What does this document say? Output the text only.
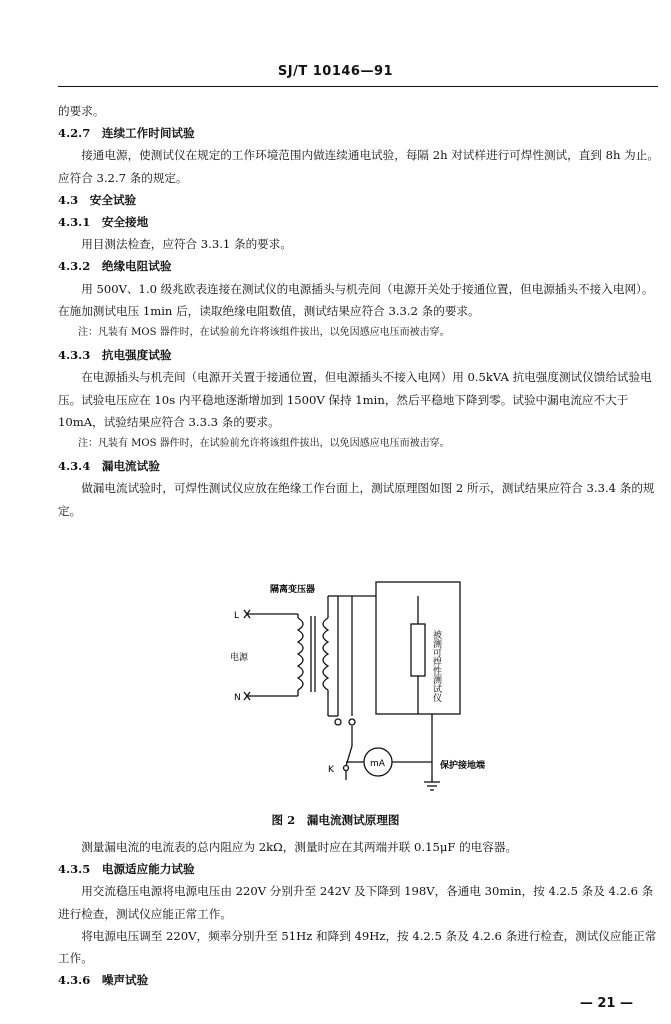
SJ/T 10146—91

的要求。

4.2.7　连续工作时间试验

接通电源，使测试仪在规定的工作环境范围内做连续通电试验，每隔 2h 对试样进行可焊性测试，直到 8h 为止。应符合 3.2.7 条的规定。

4.3　安全试验

4.3.1　安全接地

用目测法检查，应符合 3.3.1 条的要求。

4.3.2　绝缘电阻试验

用 500V、1.0 级兆欧表连接在测试仪的电源插头与机壳间（电源开关处于接通位置，但电源插头不接入电网）。在施加测试电压 1min 后，读取绝缘电阻数值，测试结果应符合 3.3.2 条的要求。

注：凡装有 MOS 器件时，在试验前允许将该组件拔出，以免因感应电压而被击穿。

4.3.3　抗电强度试验

在电源插头与机壳间（电源开关置于接通位置，但电源插头不接入电网）用 0.5kVA 抗电强度测试仪馈给试验电压。试验电压应在 10s 内平稳地逐渐增加到 1500V 保持 1min，然后平稳地下降到零。试验中漏电流应不大于 10mA，试验结果应符合 3.3.3 条的要求。

注：凡装有 MOS 器件时，在试验前允许将该组件拔出，以免因感应电压而被击穿。

4.3.4　漏电流试验

做漏电流试验时，可焊性测试仪应放在绝缘工作台面上，测试原理图如图 2 所示，测试结果应符合 3.3.4 条的规定。

隔离变压器
L
N
电源	被测可焊性测试仪
K
mA	保护接地端
图 2　漏电流测试原理图

测量漏电流的电流表的总内阻应为 2kΩ，测量时应在其两端并联 0.15μF 的电容器。

4.3.5　电源适应能力试验

用交流稳压电源将电源电压由 220V 分别升至 242V 及下降到 198V，各通电 30min，按 4.2.5 条及 4.2.6 条进行检查，测试仪应能正常工作。

将电源电压调至 220V，频率分别升至 51Hz 和降到 49Hz，按 4.2.5 条及 4.2.6 条进行检查，测试仪应能正常工作。

4.3.6　噪声试验

— 21 —
